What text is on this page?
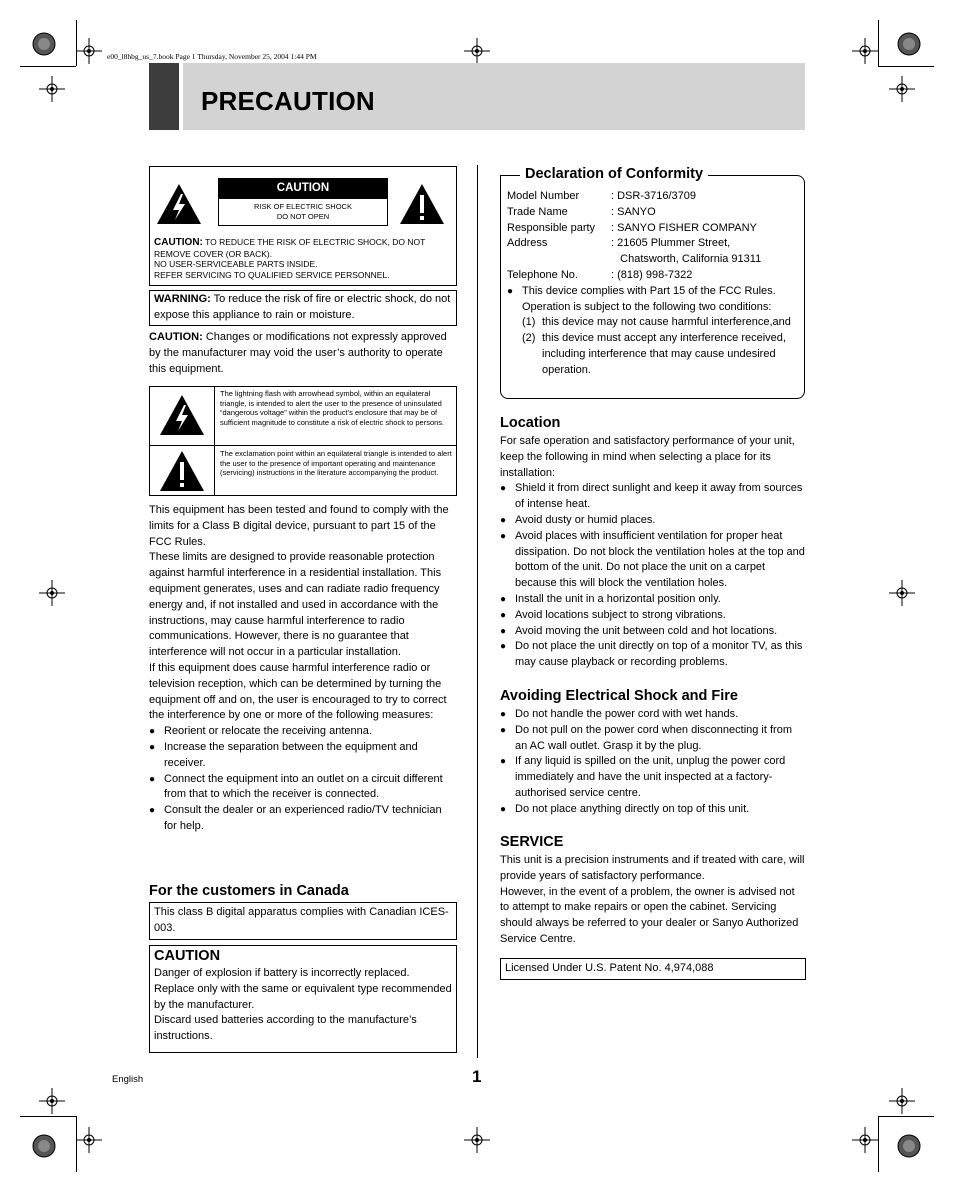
e00_l8hbg_us_7.book Page 1 Thursday, November 25, 2004 1:44 PM
PRECAUTION
CAUTION
RISK OF ELECTRIC SHOCK
DO NOT OPEN
CAUTION: TO REDUCE THE RISK OF ELECTRIC SHOCK, DO NOT REMOVE COVER (OR BACK).
NO USER-SERVICEABLE PARTS INSIDE.
REFER SERVICING TO QUALIFIED SERVICE PERSONNEL.
WARNING: To reduce the risk of fire or electric shock, do not expose this appliance to rain or moisture.
CAUTION: Changes or modifications not expressly approved by the manufacturer may void the user’s authority to operate this equipment.
The lightning flash with arrowhead symbol, within an equilateral triangle, is intended to alert the user to the presence of uninsulated “dangerous voltage” within the product’s enclosure that may be of sufficient magnitude to constitute a risk of electric shock to persons.
The exclamation point within an equilateral triangle is intended to alert the user to the presence of important operating and maintenance (servicing) instructions in the literature accompanying the product.
This equipment has been tested and found to comply with the limits for a Class B digital device, pursuant to part 15 of the FCC Rules.
These limits are designed to provide reasonable protection against harmful interference in a residential installation. This equipment generates, uses and can radiate radio frequency energy and, if not installed and used in accordance with the instructions, may cause harmful interference to radio communications. However, there is no guarantee that interference will not occur in a particular installation.
If this equipment does cause harmful interference radio or television reception, which can be determined by turning the equipment off and on, the user is encouraged to try to correct the interference by one or more of the following measures:
● Reorient or relocate the receiving antenna.
● Increase the separation between the equipment and receiver.
● Connect the equipment into an outlet on a circuit different from that to which the receiver is connected.
● Consult the dealer or an experienced radio/TV technician for help.
For the customers in Canada
This class B digital apparatus complies with Canadian ICES-003.
CAUTION
Danger of explosion if battery is incorrectly replaced. Replace only with the same or equivalent type recommended by the manufacturer.
Discard used batteries according to the manufacture’s instructions.
Declaration of Conformity
Model Number	: DSR-3716/3709
Trade Name	: SANYO
Responsible party	: SANYO FISHER COMPANY
Address	: 21605 Plummer Street,
Chatsworth, California 91311
Telephone No.	: (818) 998-7322
● This device complies with Part 15 of the FCC Rules. Operation is subject to the following two conditions:
(1) this device may not cause harmful interference,and
(2) this device must accept any interference received, including interference that may cause undesired operation.
Location
For safe operation and satisfactory performance of your unit, keep the following in mind when selecting a place for its installation:
● Shield it from direct sunlight and keep it away from sources of intense heat.
● Avoid dusty or humid places.
● Avoid places with insufficient ventilation for proper heat dissipation. Do not block the ventilation holes at the top and bottom of the unit. Do not place the unit on a carpet because this will block the ventilation holes.
● Install the unit in a horizontal position only.
● Avoid locations subject to strong vibrations.
● Avoid moving the unit between cold and hot locations.
● Do not place the unit directly on top of a monitor TV, as this may cause playback or recording problems.
Avoiding Electrical Shock and Fire
● Do not handle the power cord with wet hands.
● Do not pull on the power cord when disconnecting it from an AC wall outlet. Grasp it by the plug.
● If any liquid is spilled on the unit, unplug the power cord immediately and have the unit inspected at a factory-authorised service centre.
● Do not place anything directly on top of this unit.
SERVICE
This unit is a precision instruments and if treated with care, will provide years of satisfactory performance.
However, in the event of a problem, the owner is advised not to attempt to make repairs or open the cabinet. Servicing should always be referred to your dealer or Sanyo Authorized Service Centre.
Licensed Under U.S. Patent No. 4,974,088
English	1
